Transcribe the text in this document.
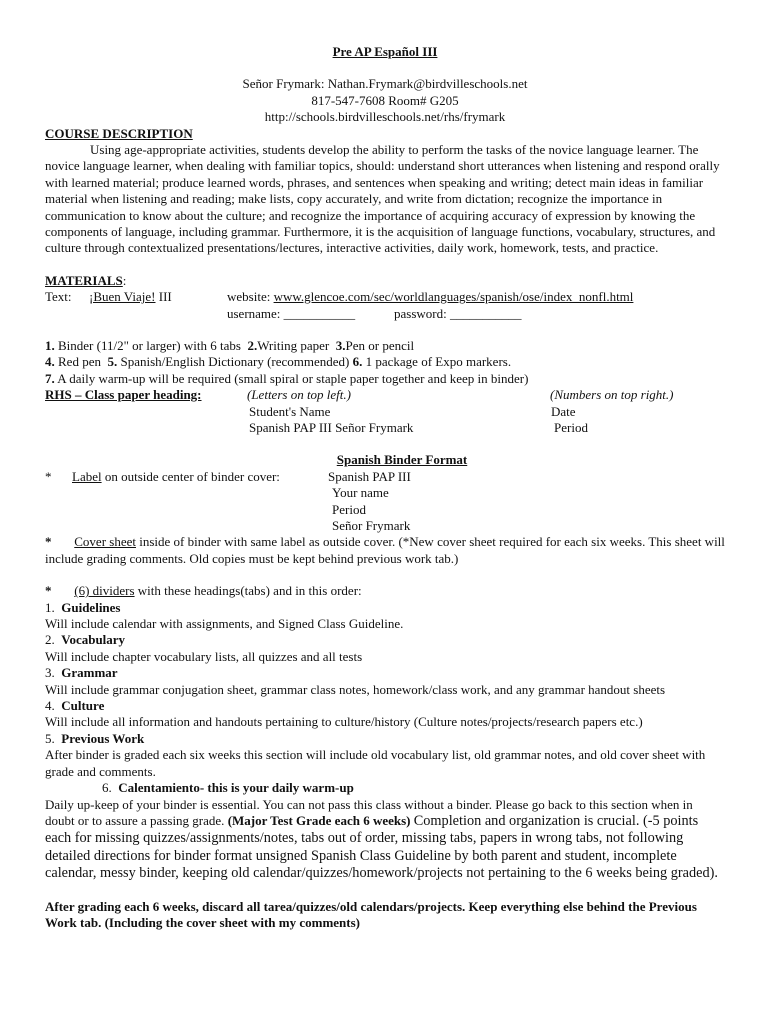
Pre AP Español III

Señor Frymark: Nathan.Frymark@birdvilleschools.net

817-547-7608 Room# G205

http://schools.birdvilleschools.net/rhs/frymark

COURSE DESCRIPTION

Using age-appropriate activities, students develop the ability to perform the tasks of the novice language learner. The novice language learner, when dealing with familiar topics, should: understand short utterances when listening and respond orally with learned material; produce learned words, phrases, and sentences when speaking and writing; detect main ideas in familiar material when listening and reading; make lists, copy accurately, and write from dictation; recognize the importance in communication to know about the culture; and recognize the importance of acquiring accuracy of expression by knowing the components of language, including grammar. Furthermore, it is the acquisition of language functions, vocabulary, structures, and culture through contextualized presentations/lectures, interactive activities, daily work, homework, tests, and practice.

MATERIALS:

Text: ¡Buen Viaje! III	website: www.glencoe.com/sec/worldlanguages/spanish/ose/index_nonfl.html
username: ___________	password: ___________

1. Binder (11/2" or larger) with 6 tabs 2.Writing paper 3.Pen or pencil

4. Red pen 5. Spanish/English Dictionary (recommended) 6. 1 package of Expo markers.

7. A daily warm-up will be required (small spiral or staple paper together and keep in binder)

RHS – Class paper heading:	(Letters on top left.)	(Numbers on top right.)
Student's Name	Date
Spanish PAP III Señor Frymark	Period

Spanish Binder Format

* Label on outside center of binder cover:	Spanish PAP III
Your name
Period
Señor Frymark

* Cover sheet inside of binder with same label as outside cover. (*New cover sheet required for each six weeks. This sheet will include grading comments. Old copies must be kept behind previous work tab.)

* (6) dividers with these headings(tabs) and in this order:

1. Guidelines

Will include calendar with assignments, and Signed Class Guideline.

2. Vocabulary

Will include chapter vocabulary lists, all quizzes and all tests

3. Grammar

Will include grammar conjugation sheet, grammar class notes, homework/class work, and any grammar handout sheets

4. Culture

Will include all information and handouts pertaining to culture/history (Culture notes/projects/research papers etc.)

5. Previous Work

After binder is graded each six weeks this section will include old vocabulary list, old grammar notes, and old cover sheet with grade and comments.

6. Calentamiento- this is your daily warm-up

Daily up-keep of your binder is essential. You can not pass this class without a binder. Please go back to this section when in doubt or to assure a passing grade. (Major Test Grade each 6 weeks) Completion and organization is crucial. (-5 points each for missing quizzes/assignments/notes, tabs out of order, missing tabs, papers in wrong tabs, not following detailed directions for binder format unsigned Spanish Class Guideline by both parent and student, incomplete calendar, messy binder, keeping old calendar/quizzes/homework/projects not pertaining to the 6 weeks being graded).

After grading each 6 weeks, discard all tarea/quizzes/old calendars/projects. Keep everything else behind the Previous Work tab. (Including the cover sheet with my comments)
